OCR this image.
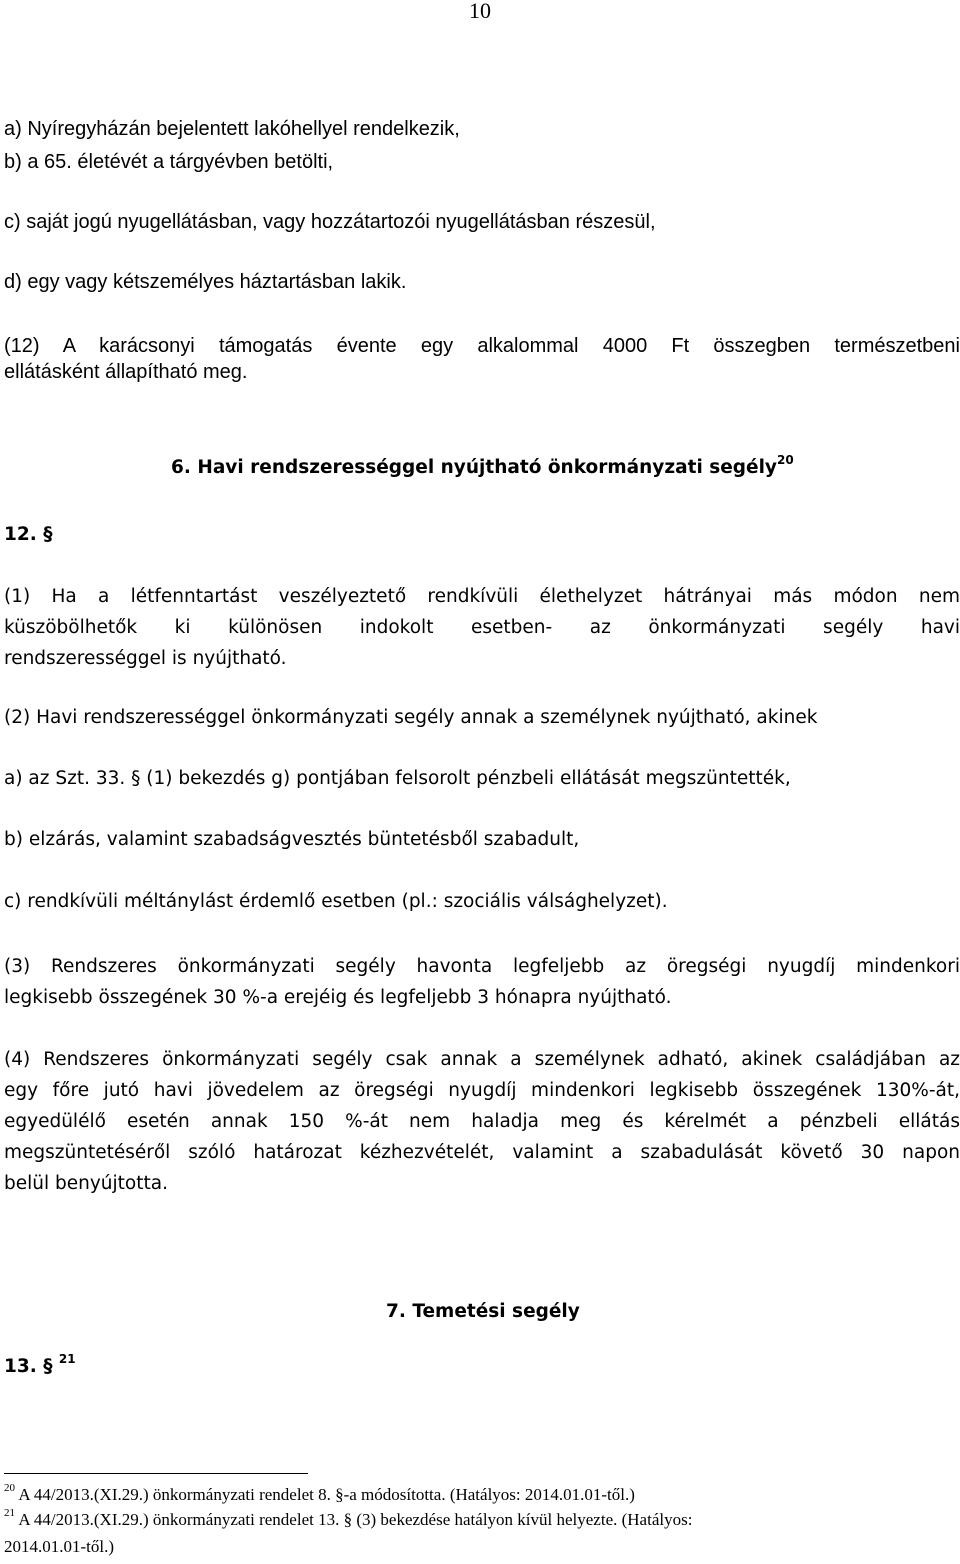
10
a) Nyíregyházán bejelentett lakóhellyel rendelkezik,
b) a 65. életévét a tárgyévben betölti,
c) saját jogú nyugellátásban, vagy hozzátartozói nyugellátásban részesül,
d) egy vagy kétszemélyes háztartásban lakik.
(12) A karácsonyi támogatás évente egy alkalommal 4000 Ft összegben természetbeni
ellátásként állapítható meg.
6. Havi rendszerességgel nyújtható önkormányzati segély$^{20}$
12. §
(1) Ha a létfenntartást veszélyeztető rendkívüli élethelyzet hátrányai más módon nem
küszöbölhetők ki különösen indokolt esetben- az önkormányzati segély havi
rendszerességgel is nyújtható.
(2) Havi rendszerességgel önkormányzati segély annak a személynek nyújtható, akinek
a) az Szt. 33. § (1) bekezdés g) pontjában felsorolt pénzbeli ellátását megszüntették,
b) elzárás, valamint szabadságvesztés büntetésből szabadult,
c) rendkívüli méltánylást érdemlő esetben (pl.: szociális válsághelyzet).
(3) Rendszeres önkormányzati segély havonta legfeljebb az öregségi nyugdíj mindenkori
legkisebb összegének 30 %-a erejéig és legfeljebb 3 hónapra nyújtható.
(4) Rendszeres önkormányzati segély csak annak a személynek adható, akinek családjában az
egy főre jutó havi jövedelem az öregségi nyugdíj mindenkori legkisebb összegének 130%-át,
egyedülélő esetén annak 150 %-át nem haladja meg és kérelmét a pénzbeli ellátás
megszüntetéséről szóló határozat kézhezvételét, valamint a szabadulását követő 30 napon
belül benyújtotta.
7. Temetési segély
13. § $^{21}$
$^{20}$ A 44/2013.(XI.29.) önkormányzati rendelet 8. §-a módosította. (Hatályos: 2014.01.01-től.)
$^{21}$ A 44/2013.(XI.29.) önkormányzati rendelet 13. § (3) bekezdése hatályon kívül helyezte. (Hatályos:
2014.01.01-től.)
